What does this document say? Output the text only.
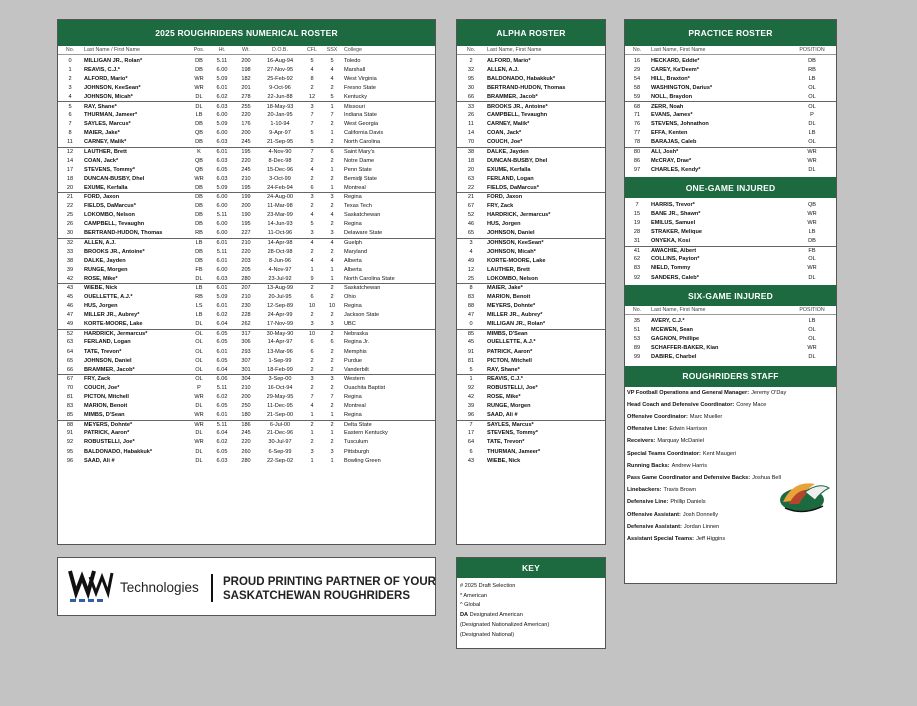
2025 ROUGHRIDERS NUMERICAL ROSTER
No.	Last Name / First Name	Pos.	Ht.	Wt.	D.O.B.	CFL	SSX	College
0	MILLIGAN JR., Rolan*	DB	5.11	200	16-Aug-94	5	5	Toledo
1	REAVIS, C.J.*	DB	6.00	198	27-Nov-95	4	4	Marshall
2	ALFORD, Mario*	WR	5.09	182	25-Feb-92	8	4	West Virginia
3	JOHNSON, KeeSean*	WR	6.01	201	9-Oct-96	2	2	Fresno State
4	JOHNSON, Micah*	DL	6.02	278	22-Jun-88	12	5	Kentucky
5	RAY, Shane*	DL	6.03	255	18-May-93	3	1	Missouri
6	THURMAN, Jameer*	LB	6.00	220	20-Jan-95	7	7	Indiana State
7	SAYLES, Marcus*	DB	5.09	176	1-10-94	7	2	West Georgia
8	MAIER, Jake*	QB	6.00	200	9-Apr-97	5	1	California Davis
11	CARNEY, Malik*	DB	6.03	245	21-Sep-95	5	2	North Carolina
12	LAUTHER, Brett	K	6.01	195	4-Nov-90	7	6	Saint Mary's
14	COAN, Jack*	QB	6.03	220	8-Dec-98	2	2	Notre Dame
17	STEVENS, Tommy*	QB	6.05	245	15-Dec-96	4	1	Penn State
18	DUNCAN-BUSBY, Dhel	WR	6.03	210	3-Oct-99	2	2	Bemidji State
20	EXUMÉ, Kerfalla	DB	5.09	195	24-Feb-94	6	1	Montreal
21	FORD, Jaxon	DB	6.00	199	24-Aug-00	3	3	Regina
22	FIELDS, DaMarcus*	DB	6.00	200	11-Mar-98	2	2	Texas Tech
25	LOKOMBO, Nelson	DB	5.11	190	23-Mar-99	4	4	Saskatchewan
26	CAMPBELL, Tevaughn	DB	6.00	195	14-Jun-93	5	2	Regina
30	BERTRAND-HUDON, Thomas	RB	6.00	227	11-Oct-96	3	3	Delaware State
32	ALLEN, A.J.	LB	6.01	210	14-Apr-98	4	4	Guelph
33	BROOKS JR., Antoine*	DB	5.11	220	28-Oct-98	2	2	Maryland
38	DALKE, Jayden	DB	6.01	203	8-Jun-96	4	4	Alberta
39	RUNGE, Morgen	FB	6.00	205	4-Nov-97	1	1	Alberta
42	ROSE, Mike*	DL	6.03	280	23-Jul-92	9	1	North Carolina State
43	WIEBE, Nick	LB	6.01	207	13-Aug-99	2	2	Saskatchewan
45	OUELLETTE, A.J.*	RB	5.09	210	20-Jul-95	6	2	Ohio
46	HUS, Jorgen	LS	6.01	230	12-Sep-89	10	10	Regina
47	MILLER JR., Aubrey*	LB	6.02	228	24-Apr-99	2	2	Jackson State
49	KORTE-MOORE, Lake	DL	6.04	262	17-Nov-99	3	3	UBC
52	HARDRICK, Jermarcus*	OL	6.05	317	30-May-90	10	2	Nebraska
63	FERLAND, Logan	OL	6.05	306	14-Apr-97	6	6	Regina Jr.
64	TATE, Trevon*	OL	6.01	293	13-Mar-96	6	2	Memphis
65	JOHNSON, Daniel	OL	6.05	307	1-Sep-99	2	2	Purdue
66	BRAMMER, Jacob*	OL	6.04	301	18-Feb-99	2	2	Vanderbilt
67	FRY, Zack	OL	6.06	304	3-Sep-00	3	3	Western
70	COUCH, Joe*	P	5.11	210	16-Oct-94	2	2	Ouachita Baptist
81	PICTON, Mitchell	WR	6.02	200	29-May-95	7	7	Regina
83	MARION, Benoit	DL	6.05	250	11-Dec-95	4	2	Montreal
85	MIMBS, D'Sean	WR	6.01	180	21-Sep-00	1	1	Regina
88	MEYERS, Dohnte*	WR	5.11	186	6-Jul-00	2	2	Delta State
91	PATRICK, Aaron*	DL	6.04	245	21-Dec-96	1	1	Eastern Kentucky
92	ROBUSTELLI, Joe*	WR	6.02	220	30-Jul-97	2	2	Tusculum
95	BALDONADO, Habakkuk*	DL	6.05	260	6-Sep-99	3	3	Pittsburgh
96	SAAD, Ali #	DL	6.03	280	22-Sep-02	1	1	Bowling Green
ALPHA ROSTER
No.	Last Name, First Name
2	ALFORD, Mario*
32	ALLEN, A.J.
95	BALDONADO, Habakkuk*
30	BERTRAND-HUDON, Thomas
66	BRAMMER, Jacob*
33	BROOKS JR., Antoine*
26	CAMPBELL, Tevaughn
11	CARNEY, Malik*
14	COAN, Jack*
70	COUCH, Joe*
38	DALKE, Jayden
18	DUNCAN-BUSBY, Dhel
20	EXUMÉ, Kerfalla
63	FERLAND, Logan
22	FIELDS, DaMarcus*
21	FORD, Jaxon
67	FRY, Zack
52	HARDRICK, Jermarcus*
46	HUS, Jorgen
65	JOHNSON, Daniel
3	JOHNSON, KeeSean*
4	JOHNSON, Micah*
49	KORTE-MOORE, Lake
12	LAUTHER, Brett
25	LOKOMBO, Nelson
8	MAIER, Jake*
83	MARION, Benoit
88	MEYERS, Dohnte*
47	MILLER JR., Aubrey*
0	MILLIGAN JR., Rolan*
85	MIMBS, D'Sean
45	OUELLETTE, A.J.*
91	PATRICK, Aaron*
81	PICTON, Mitchell
5	RAY, Shane*
1	REAVIS, C.J.*
92	ROBUSTELLI, Joe*
42	ROSE, Mike*
39	RUNGE, Morgen
96	SAAD, Ali #
7	SAYLES, Marcus*
17	STEVENS, Tommy*
64	TATE, Trevon*
6	THURMAN, Jameer*
43	WIEBE, Nick
PRACTICE ROSTER
No.	Last Name, First Name	POSITION
16	HECKARD, Eddie*	DB
29	CAREY, Ka'Deem*	RB
54	HILL, Braxton*	LB
58	WASHINGTON, Darius*	OL
59	NOLL, Braydon	OL
68	ZERR, Noah	OL
71	EVANS, James*	P
76	STEVENS, Johnathon	DL
77	EFFA, Kenten	LB
78	BARAJAS, Caleb	OL
80	ALI, Josh*	WR
86	McCRAY, Drae*	WR
97	CHARLES, Kendy*	DL
ONE-GAME INJURED
7	HARRIS, Trevor*	QB
15	BANE JR., Shawn*	WR
19	EMILUS, Samuel	WR
28	STRAKER, Melique	LB
31	ONYEKA, Kosi	DB
41	AWACHIE, Albert	FB
62	COLLINS, Payton*	OL
83	NIELD, Tommy	WR
92	SANDERS, Caleb*	DL
SIX-GAME INJURED
No.	Last Name, First Name	POSITION
35	AVERY, C.J.*	LB
51	MCEWEN, Sean	OL
53	GAGNON, Phillipe	OL
89	SCHAFFER-BAKER, Kian	WR
99	DABIRE, Charbel	DL
ROUGHRIDERS STAFF
VP Football Operations and General Manager: Jeremy O'Day
Head Coach and Defensive Coordinator: Corey Mace
Offensive Coordinator: Marc Mueller
Offensive Line: Edwin Harrison
Receivers: Marquay McDaniel
Special Teams Coordinator: Kent Maugeri
Running Backs: Andrew Harris
Pass Game Coordinator and Defensive Backs: Joshua Bell
Linebackers: Travis Brown
Defensive Line: Phillip Daniels
Offensive Assistant: Josh Donnelly
Defensive Assistant: Jordan Linnen
Assistant Special Teams: Jeff Higgins
Technologies PROUD PRINTING PARTNER OF YOUR
SASKATCHEWAN ROUGHRIDERS
KEY
# 2025 Draft Selection
* American
^ Global
DA Designated American
(Designated Nationalized American)
(Designated National)
